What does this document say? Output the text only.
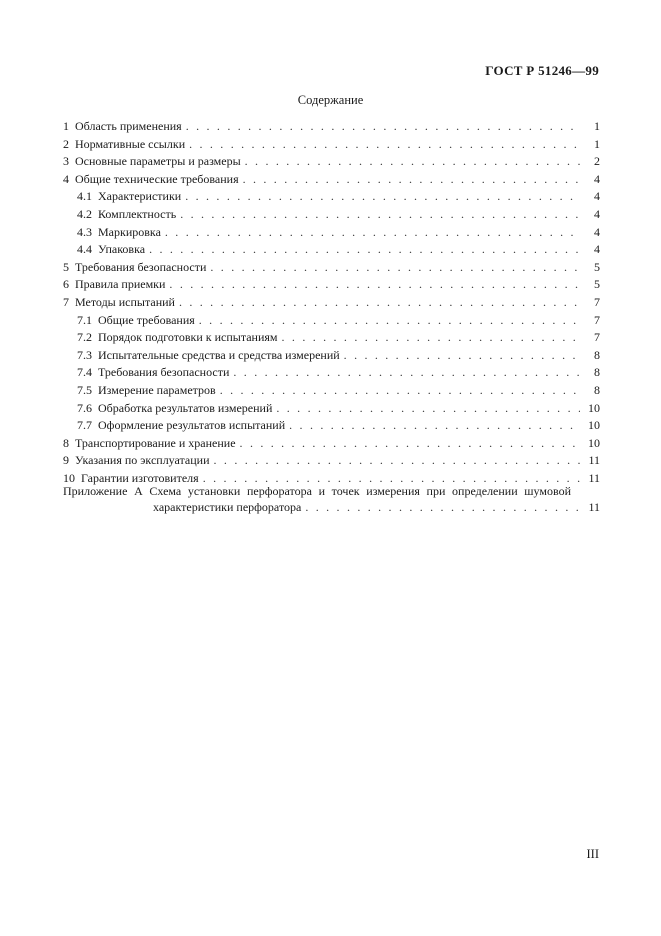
ГОСТ Р 51246—99
Содержание
1 Область применения . . .	1
2 Нормативные ссылки . . .	1
3 Основные параметры и размеры . . .	2
4 Общие технические требования . . .	4
4.1 Характеристики . . .	4
4.2 Комплектность . . .	4
4.3 Маркировка . . .	4
4.4 Упаковка . . .	4
5 Требования безопасности . . .	5
6 Правила приемки . . .	5
7 Методы испытаний . . .	7
7.1 Общие требования . . .	7
7.2 Порядок подготовки к испытаниям . . .	7
7.3 Испытательные средства и средства измерений . . .	8
7.4 Требования безопасности . . .	8
7.5 Измерение параметров . . .	8
7.6 Обработка результатов измерений . . .	10
7.7 Оформление результатов испытаний . . .	10
8 Транспортирование и хранение . . .	10
9 Указания по эксплуатации . . .	11
10 Гарантии изготовителя . . .	11
Приложение А Схема установки перфоратора и точек измерения при определении шумовой
характеристики перфоратора . . .	11
III
